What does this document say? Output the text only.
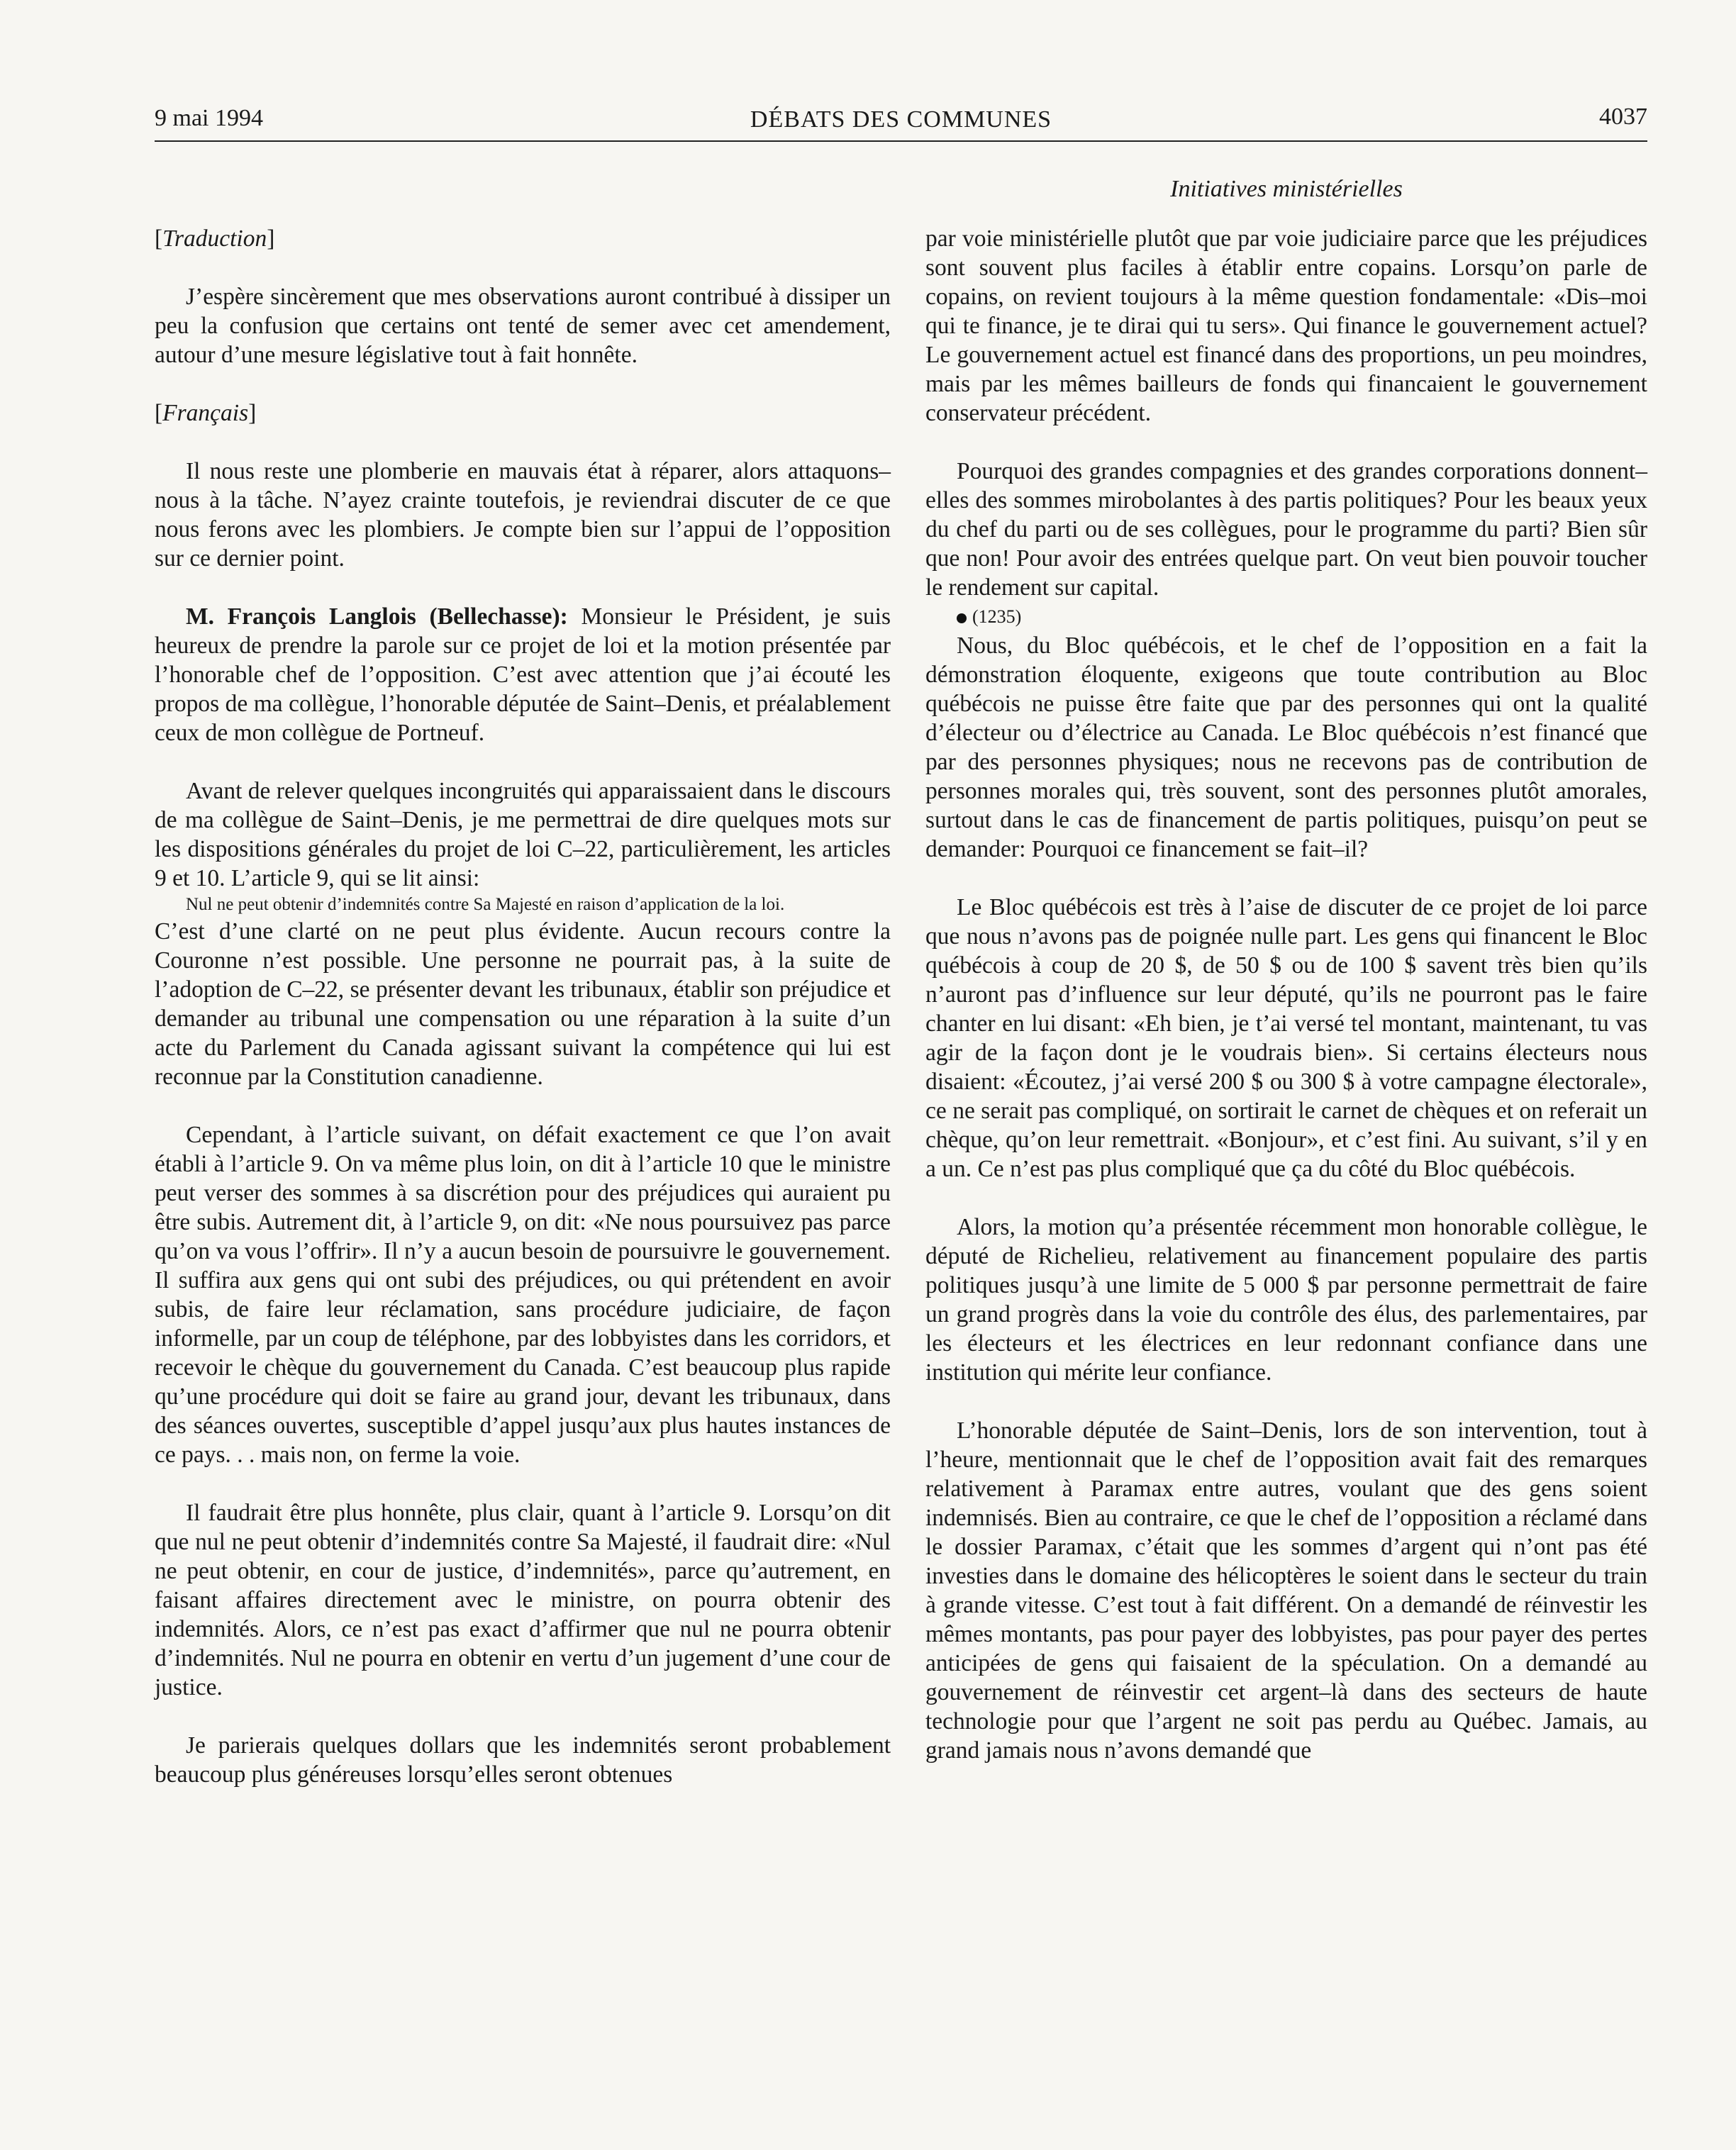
9 mai 1994	DÉBATS DES COMMUNES	4037
Initiatives ministérielles

[Traduction]

J’espère sincèrement que mes observations auront contribué à dissiper un peu la confusion que certains ont tenté de semer avec cet amendement, autour d’une mesure législative tout à fait honnête.

[Français]

Il nous reste une plomberie en mauvais état à réparer, alors attaquons–nous à la tâche. N’ayez crainte toutefois, je reviendrai discuter de ce que nous ferons avec les plombiers. Je compte bien sur l’appui de l’opposition sur ce dernier point.

M. François Langlois (Bellechasse): Monsieur le Président, je suis heureux de prendre la parole sur ce projet de loi et la motion présentée par l’honorable chef de l’opposition. C’est avec attention que j’ai écouté les propos de ma collègue, l’honorable députée de Saint–Denis, et préalablement ceux de mon collègue de Portneuf.

Avant de relever quelques incongruités qui apparaissaient dans le discours de ma collègue de Saint–Denis, je me permettrai de dire quelques mots sur les dispositions générales du projet de loi C–22, particulièrement, les articles 9 et 10. L’article 9, qui se lit ainsi:

Nul ne peut obtenir d’indemnités contre Sa Majesté en raison d’application de la loi.

C’est d’une clarté on ne peut plus évidente. Aucun recours contre la Couronne n’est possible. Une personne ne pourrait pas, à la suite de l’adoption de C–22, se présenter devant les tribunaux, établir son préjudice et demander au tribunal une compensation ou une réparation à la suite d’un acte du Parlement du Canada agissant suivant la compétence qui lui est reconnue par la Constitution canadienne.

Cependant, à l’article suivant, on défait exactement ce que l’on avait établi à l’article 9. On va même plus loin, on dit à l’article 10 que le ministre peut verser des sommes à sa discrétion pour des préjudices qui auraient pu être subis. Autrement dit, à l’article 9, on dit: «Ne nous poursuivez pas parce qu’on va vous l’offrir». Il n’y a aucun besoin de poursuivre le gouvernement. Il suffira aux gens qui ont subi des préjudices, ou qui prétendent en avoir subis, de faire leur réclamation, sans procédure judiciaire, de façon informelle, par un coup de téléphone, par des lobbyistes dans les corridors, et recevoir le chèque du gouvernement du Canada. C’est beaucoup plus rapide qu’une procédure qui doit se faire au grand jour, devant les tribunaux, dans des séances ouvertes, susceptible d’appel jusqu’aux plus hautes instances de ce pays. . . mais non, on ferme la voie.

Il faudrait être plus honnête, plus clair, quant à l’article 9. Lorsqu’on dit que nul ne peut obtenir d’indemnités contre Sa Majesté, il faudrait dire: «Nul ne peut obtenir, en cour de justice, d’indemnités», parce qu’autrement, en faisant affaires directement avec le ministre, on pourra obtenir des indemnités. Alors, ce n’est pas exact d’affirmer que nul ne pourra obtenir d’indemnités. Nul ne pourra en obtenir en vertu d’un jugement d’une cour de justice.

Je parierais quelques dollars que les indemnités seront probablement beaucoup plus généreuses lorsqu’elles seront obtenues

par voie ministérielle plutôt que par voie judiciaire parce que les préjudices sont souvent plus faciles à établir entre copains. Lorsqu’on parle de copains, on revient toujours à la même question fondamentale: «Dis–moi qui te finance, je te dirai qui tu sers». Qui finance le gouvernement actuel? Le gouvernement actuel est financé dans des proportions, un peu moindres, mais par les mêmes bailleurs de fonds qui financaient le gouvernement conservateur précédent.

Pourquoi des grandes compagnies et des grandes corporations donnent–elles des sommes mirobolantes à des partis politiques? Pour les beaux yeux du chef du parti ou de ses collègues, pour le programme du parti? Bien sûr que non! Pour avoir des entrées quelque part. On veut bien pouvoir toucher le rendement sur capital.

(1235)

Nous, du Bloc québécois, et le chef de l’opposition en a fait la démonstration éloquente, exigeons que toute contribution au Bloc québécois ne puisse être faite que par des personnes qui ont la qualité d’électeur ou d’électrice au Canada. Le Bloc québécois n’est financé que par des personnes physiques; nous ne recevons pas de contribution de personnes morales qui, très souvent, sont des personnes plutôt amorales, surtout dans le cas de financement de partis politiques, puisqu’on peut se demander: Pourquoi ce financement se fait–il?

Le Bloc québécois est très à l’aise de discuter de ce projet de loi parce que nous n’avons pas de poignée nulle part. Les gens qui financent le Bloc québécois à coup de 20 $, de 50 $ ou de 100 $ savent très bien qu’ils n’auront pas d’influence sur leur député, qu’ils ne pourront pas le faire chanter en lui disant: «Eh bien, je t’ai versé tel montant, maintenant, tu vas agir de la façon dont je le voudrais bien». Si certains électeurs nous disaient: «Écoutez, j’ai versé 200 $ ou 300 $ à votre campagne électorale», ce ne serait pas compliqué, on sortirait le carnet de chèques et on referait un chèque, qu’on leur remettrait. «Bonjour», et c’est fini. Au suivant, s’il y en a un. Ce n’est pas plus compliqué que ça du côté du Bloc québécois.

Alors, la motion qu’a présentée récemment mon honorable collègue, le député de Richelieu, relativement au financement populaire des partis politiques jusqu’à une limite de 5 000 $ par personne permettrait de faire un grand progrès dans la voie du contrôle des élus, des parlementaires, par les électeurs et les électrices en leur redonnant confiance dans une institution qui mérite leur confiance.

L’honorable députée de Saint–Denis, lors de son intervention, tout à l’heure, mentionnait que le chef de l’opposition avait fait des remarques relativement à Paramax entre autres, voulant que des gens soient indemnisés. Bien au contraire, ce que le chef de l’opposition a réclamé dans le dossier Paramax, c’était que les sommes d’argent qui n’ont pas été investies dans le domaine des hélicoptères le soient dans le secteur du train à grande vitesse. C’est tout à fait différent. On a demandé de réinvestir les mêmes montants, pas pour payer des lobbyistes, pas pour payer des pertes anticipées de gens qui faisaient de la spéculation. On a demandé au gouvernement de réinvestir cet argent–là dans des secteurs de haute technologie pour que l’argent ne soit pas perdu au Québec. Jamais, au grand jamais nous n’avons demandé que
